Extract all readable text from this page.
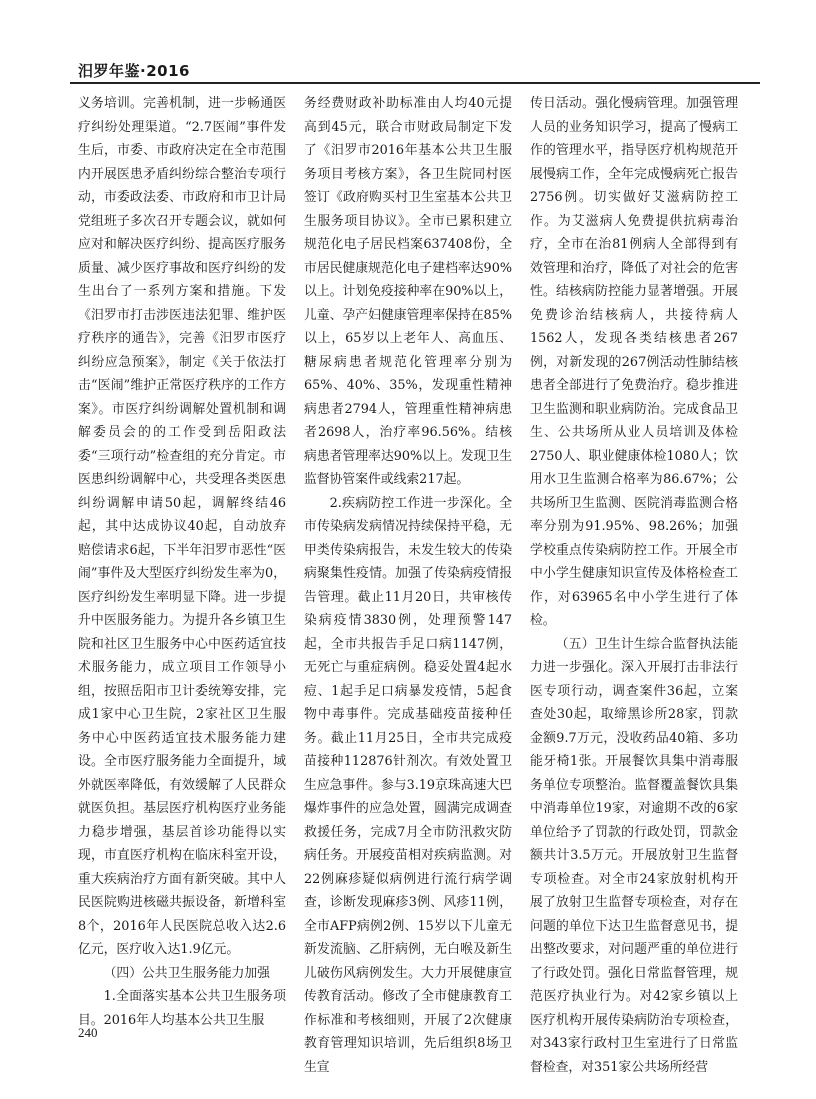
汨罗年鉴·2016

义务培训。完善机制，进一步畅通医疗纠纷处理渠道。“2.7医闹”事件发生后，市委、市政府决定在全市范围内开展医患矛盾纠纷综合整治专项行动，市委政法委、市政府和市卫计局党组班子多次召开专题会议，就如何应对和解决医疗纠纷、提高医疗服务质量、减少医疗事故和医疗纠纷的发生出台了一系列方案和措施。下发《汨罗市打击涉医违法犯罪、维护医疗秩序的通告》，完善《汨罗市医疗纠纷应急预案》，制定《关于依法打击“医闹”维护正常医疗秩序的工作方案》。市医疗纠纷调解处置机制和调解委员会的的工作受到岳阳政法委“三项行动”检查组的充分肯定。市医患纠纷调解中心，共受理各类医患纠纷调解申请50起，调解终结46起，其中达成协议40起，自动放弃赔偿请求6起，下半年汨罗市恶性“医闹”事件及大型医疗纠纷发生率为0，医疗纠纷发生率明显下降。进一步提升中医服务能力。为提升各乡镇卫生院和社区卫生服务中心中医药适宜技术服务能力，成立项目工作领导小组，按照岳阳市卫计委统筹安排，完成1家中心卫生院，2家社区卫生服务中心中医药适宜技术服务能力建设。全市医疗服务能力全面提升，域外就医率降低，有效缓解了人民群众就医负担。基层医疗机构医疗业务能力稳步增强，基层首诊功能得以实现，市直医疗机构在临床科室开设，重大疾病治疗方面有新突破。其中人民医院购进核磁共振设备，新增科室8个，2016年人民医院总收入达2.6亿元，医疗收入达1.9亿元。

（四）公共卫生服务能力加强

1.全面落实基本公共卫生服务项目。2016年人均基本公共卫生服

务经费财政补助标准由人均40元提高到45元，联合市财政局制定下发了《汨罗市2016年基本公共卫生服务项目考核方案》，各卫生院同村医签订《政府购买村卫生室基本公共卫生服务项目协议》。全市已累积建立规范化电子居民档案637408份，全市居民健康规范化电子建档率达90%以上。计划免疫接种率在90%以上，儿童、孕产妇健康管理率保持在85%以上，65岁以上老年人、高血压、糖尿病患者规范化管理率分别为65%、40%、35%，发现重性精神病患者2794人，管理重性精神病患者2698人，治疗率96.56%。结核病患者管理率达90%以上。发现卫生监督协管案件或线索217起。

2.疾病防控工作进一步深化。全市传染病发病情况持续保持平稳，无甲类传染病报告，未发生较大的传染病聚集性疫情。加强了传染病疫情报告管理。截止11月20日，共审核传染病疫情3830例，处理预警147起，全市共报告手足口病1147例，无死亡与重症病例。稳妥处置4起水痘、1起手足口病暴发疫情，5起食物中毒事件。完成基础疫苗接种任务。截止11月25日，全市共完成疫苗接种112876针剂次。有效处置卫生应急事件。参与3.19京珠高速大巴爆炸事件的应急处置，圆满完成调查救援任务，完成7月全市防汛救灾防病任务。开展疫苗相对疾病监测。对22例麻疹疑似病例进行流行病学调查，诊断发现麻疹3例、风疹11例，全市AFP病例2例、15岁以下儿童无新发流脑、乙肝病例，无白喉及新生儿破伤风病例发生。大力开展健康宣传教育活动。修改了全市健康教育工作标准和考核细则，开展了2次健康教育管理知识培训，先后组织8场卫生宣

传日活动。强化慢病管理。加强管理人员的业务知识学习，提高了慢病工作的管理水平，指导医疗机构规范开展慢病工作，全年完成慢病死亡报告2756例。切实做好艾滋病防控工作。为艾滋病人免费提供抗病毒治疗，全市在治81例病人全部得到有效管理和治疗，降低了对社会的危害性。结核病防控能力显著增强。开展免费诊治结核病人，共接待病人1562人，发现各类结核患者267例，对新发现的267例活动性肺结核患者全部进行了免费治疗。稳步推进卫生监测和职业病防治。完成食品卫生、公共场所从业人员培训及体检2750人、职业健康体检1080人；饮用水卫生监测合格率为86.67%；公共场所卫生监测、医院消毒监测合格率分别为91.95%、98.26%；加强学校重点传染病防控工作。开展全市中小学生健康知识宣传及体格检查工作，对63965名中小学生进行了体检。

（五）卫生计生综合监督执法能力进一步强化。深入开展打击非法行医专项行动，调查案件36起，立案查处30起，取缔黑诊所28家，罚款金额9.7万元，没收药品40箱、多功能牙椅1张。开展餐饮具集中消毒服务单位专项整治。监督覆盖餐饮具集中消毒单位19家，对逾期不改的6家单位给予了罚款的行政处罚，罚款金额共计3.5万元。开展放射卫生监督专项检查。对全市24家放射机构开展了放射卫生监督专项检查，对存在问题的单位下达卫生监督意见书，提出整改要求，对问题严重的单位进行了行政处罚。强化日常监督管理，规范医疗执业行为。对42家乡镇以上医疗机构开展传染病防治专项检查，对343家行政村卫生室进行了日常监督检查，对351家公共场所经营

240
